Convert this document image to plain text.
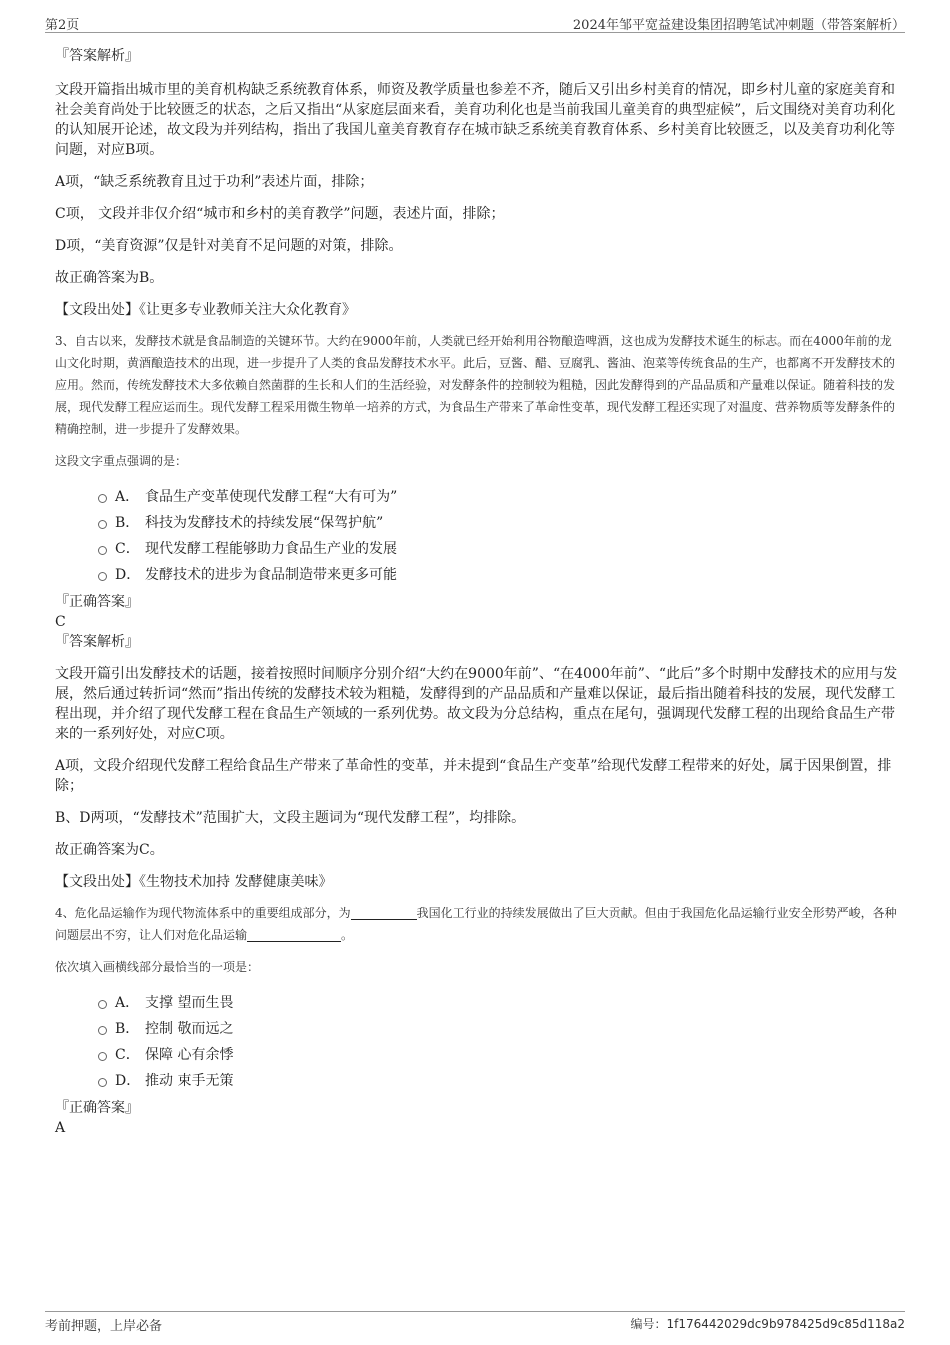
第2页	2024年邹平宽益建设集团招聘笔试冲刺题（带答案解析）

『答案解析』

文段开篇指出城市里的美育机构缺乏系统教育体系，师资及教学质量也参差不齐，随后又引出乡村美育的情况，即乡村儿童的家庭美育和社会美育尚处于比较匮乏的状态，之后又指出“从家庭层面来看，美育功利化也是当前我国儿童美育的典型症候”，后文围绕对美育功利化的认知展开论述，故文段为并列结构，指出了我国儿童美育教育存在城市缺乏系统美育教育体系、乡村美育比较匮乏，以及美育功利化等问题，对应B项。

A项，“缺乏系统教育且过于功利”表述片面，排除；

C项， 文段并非仅介绍“城市和乡村的美育教学”问题，表述片面，排除；

D项，“美育资源”仅是针对美育不足问题的对策，排除。

故正确答案为B。

【文段出处】《让更多专业教师关注大众化教育》

3、自古以来，发酵技术就是食品制造的关键环节。大约在9000年前，人类就已经开始利用谷物酿造啤酒，这也成为发酵技术诞生的标志。而在4000年前的龙山文化时期，黄酒酿造技术的出现，进一步提升了人类的食品发酵技术水平。此后，豆酱、醋、豆腐乳、酱油、泡菜等传统食品的生产，也都离不开发酵技术的应用。然而，传统发酵技术大多依赖自然菌群的生长和人们的生活经验，对发酵条件的控制较为粗糙，因此发酵得到的产品品质和产量难以保证。随着科技的发展，现代发酵工程应运而生。现代发酵工程采用微生物单一培养的方式，为食品生产带来了革命性变革，现代发酵工程还实现了对温度、营养物质等发酵条件的精确控制，进一步提升了发酵效果。

这段文字重点强调的是：

A． 食品生产变革使现代发酵工程“大有可为”
B． 科技为发酵技术的持续发展“保驾护航”
C． 现代发酵工程能够助力食品生产业的发展
D． 发酵技术的进步为食品制造带来更多可能

『正确答案』

C

『答案解析』

文段开篇引出发酵技术的话题，接着按照时间顺序分别介绍“大约在9000年前”、“在4000年前”、“此后”多个时期中发酵技术的应用与发展，然后通过转折词“然而”指出传统的发酵技术较为粗糙，发酵得到的产品品质和产量难以保证，最后指出随着科技的发展，现代发酵工程出现，并介绍了现代发酵工程在食品生产领域的一系列优势。故文段为分总结构，重点在尾句，强调现代发酵工程的出现给食品生产带来的一系列好处，对应C项。

A项，文段介绍现代发酵工程给食品生产带来了革命性的变革，并未提到“食品生产变革”给现代发酵工程带来的好处，属于因果倒置，排除；

B、D两项，“发酵技术”范围扩大，文段主题词为“现代发酵工程”，均排除。

故正确答案为C。

【文段出处】《生物技术加持 发酵健康美味》

4、危化品运输作为现代物流体系中的重要组成部分，为	我国化工行业的持续发展做出了巨大贡献。但由于我国危化品运输行业安全形势严峻，各种问题层出不穷，让人们对危化品运输	。

依次填入画横线部分最恰当的一项是：

A． 支撑 望而生畏
B． 控制 敬而远之
C． 保障 心有余悸
D． 推动 束手无策

『正确答案』

A

考前押题，上岸必备	编号：1f176442029dc9b978425d9c85d118a2
